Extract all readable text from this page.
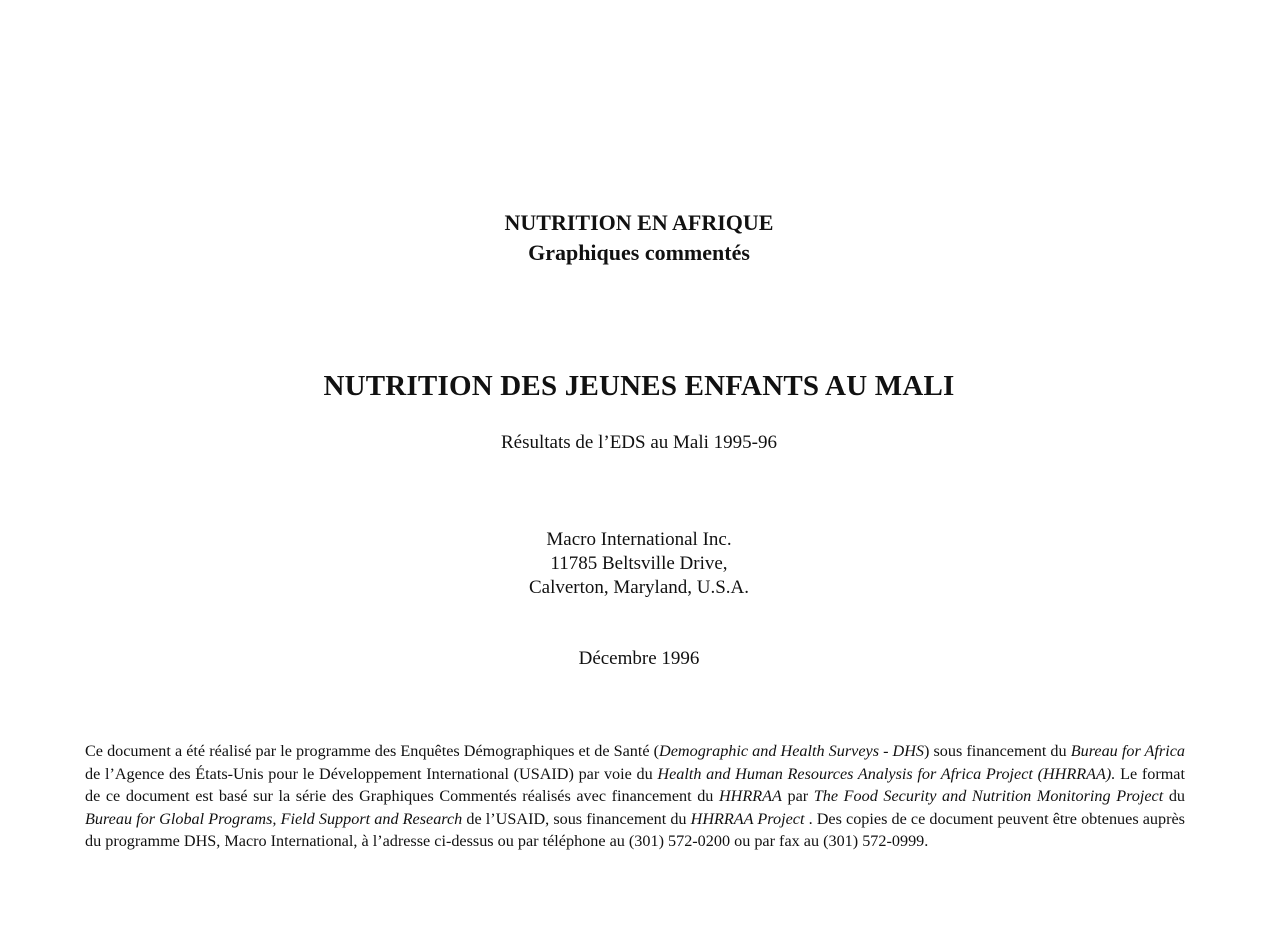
NUTRITION EN AFRIQUE
Graphiques commentés
NUTRITION DES JEUNES ENFANTS AU MALI
Résultats de l’EDS au Mali 1995-96
Macro International Inc.
11785 Beltsville Drive,
Calverton, Maryland, U.S.A.
Décembre 1996
Ce document a été réalisé par le programme des Enquêtes Démographiques et de Santé (Demographic and Health Surveys - DHS) sous financement du Bureau for Africa de l’Agence des États-Unis pour le Développement International (USAID) par voie du Health and Human Resources Analysis for Africa Project (HHRRAA). Le format de ce document est basé sur la série des Graphiques Commentés réalisés avec financement du HHRRAA par The Food Security and Nutrition Monitoring Project du Bureau for Global Programs, Field Support and Research de l’USAID, sous financement du HHRRAA Project . Des copies de ce document peuvent être obtenues auprès du programme DHS, Macro International, à l’adresse ci-dessus ou par téléphone au (301) 572-0200 ou par fax au (301) 572-0999.
